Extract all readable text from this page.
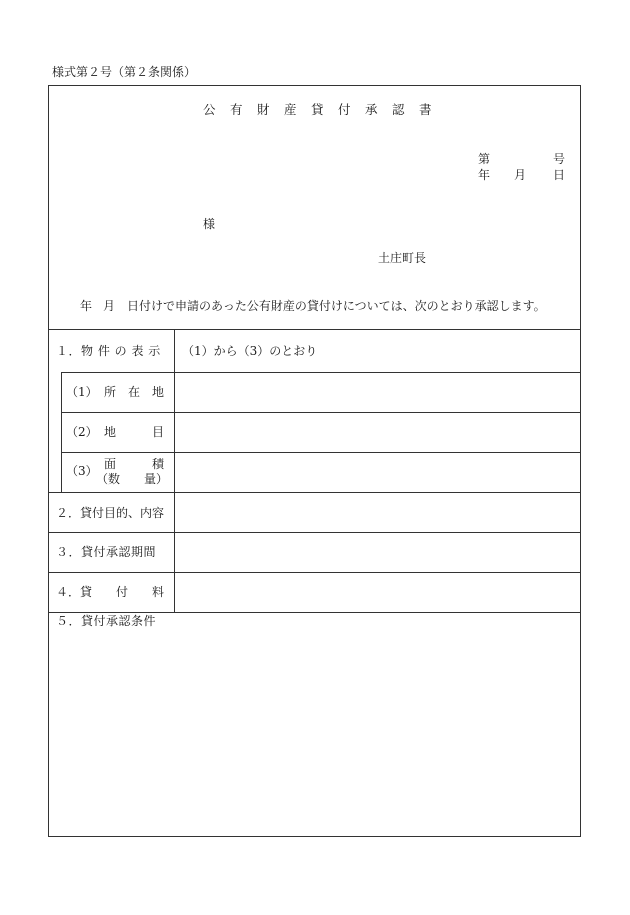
様式第２号（第２条関係）
公　有　財　産　貸　付　承　認　書
第	号
年 月 日
様
土庄町長
年 月 日付けで申請のあった公有財産の貸付けについては、次のとおり承認します。
１．物 件 の 表 示 （1）から（3）のとおり
（1） 所　在　地
（2） 地　　　目
（3） 面　　　積
（数　　量）
２．貸付目的、内容
３．貸付承認期間
４．貸　　付　　料
５．貸付承認条件
